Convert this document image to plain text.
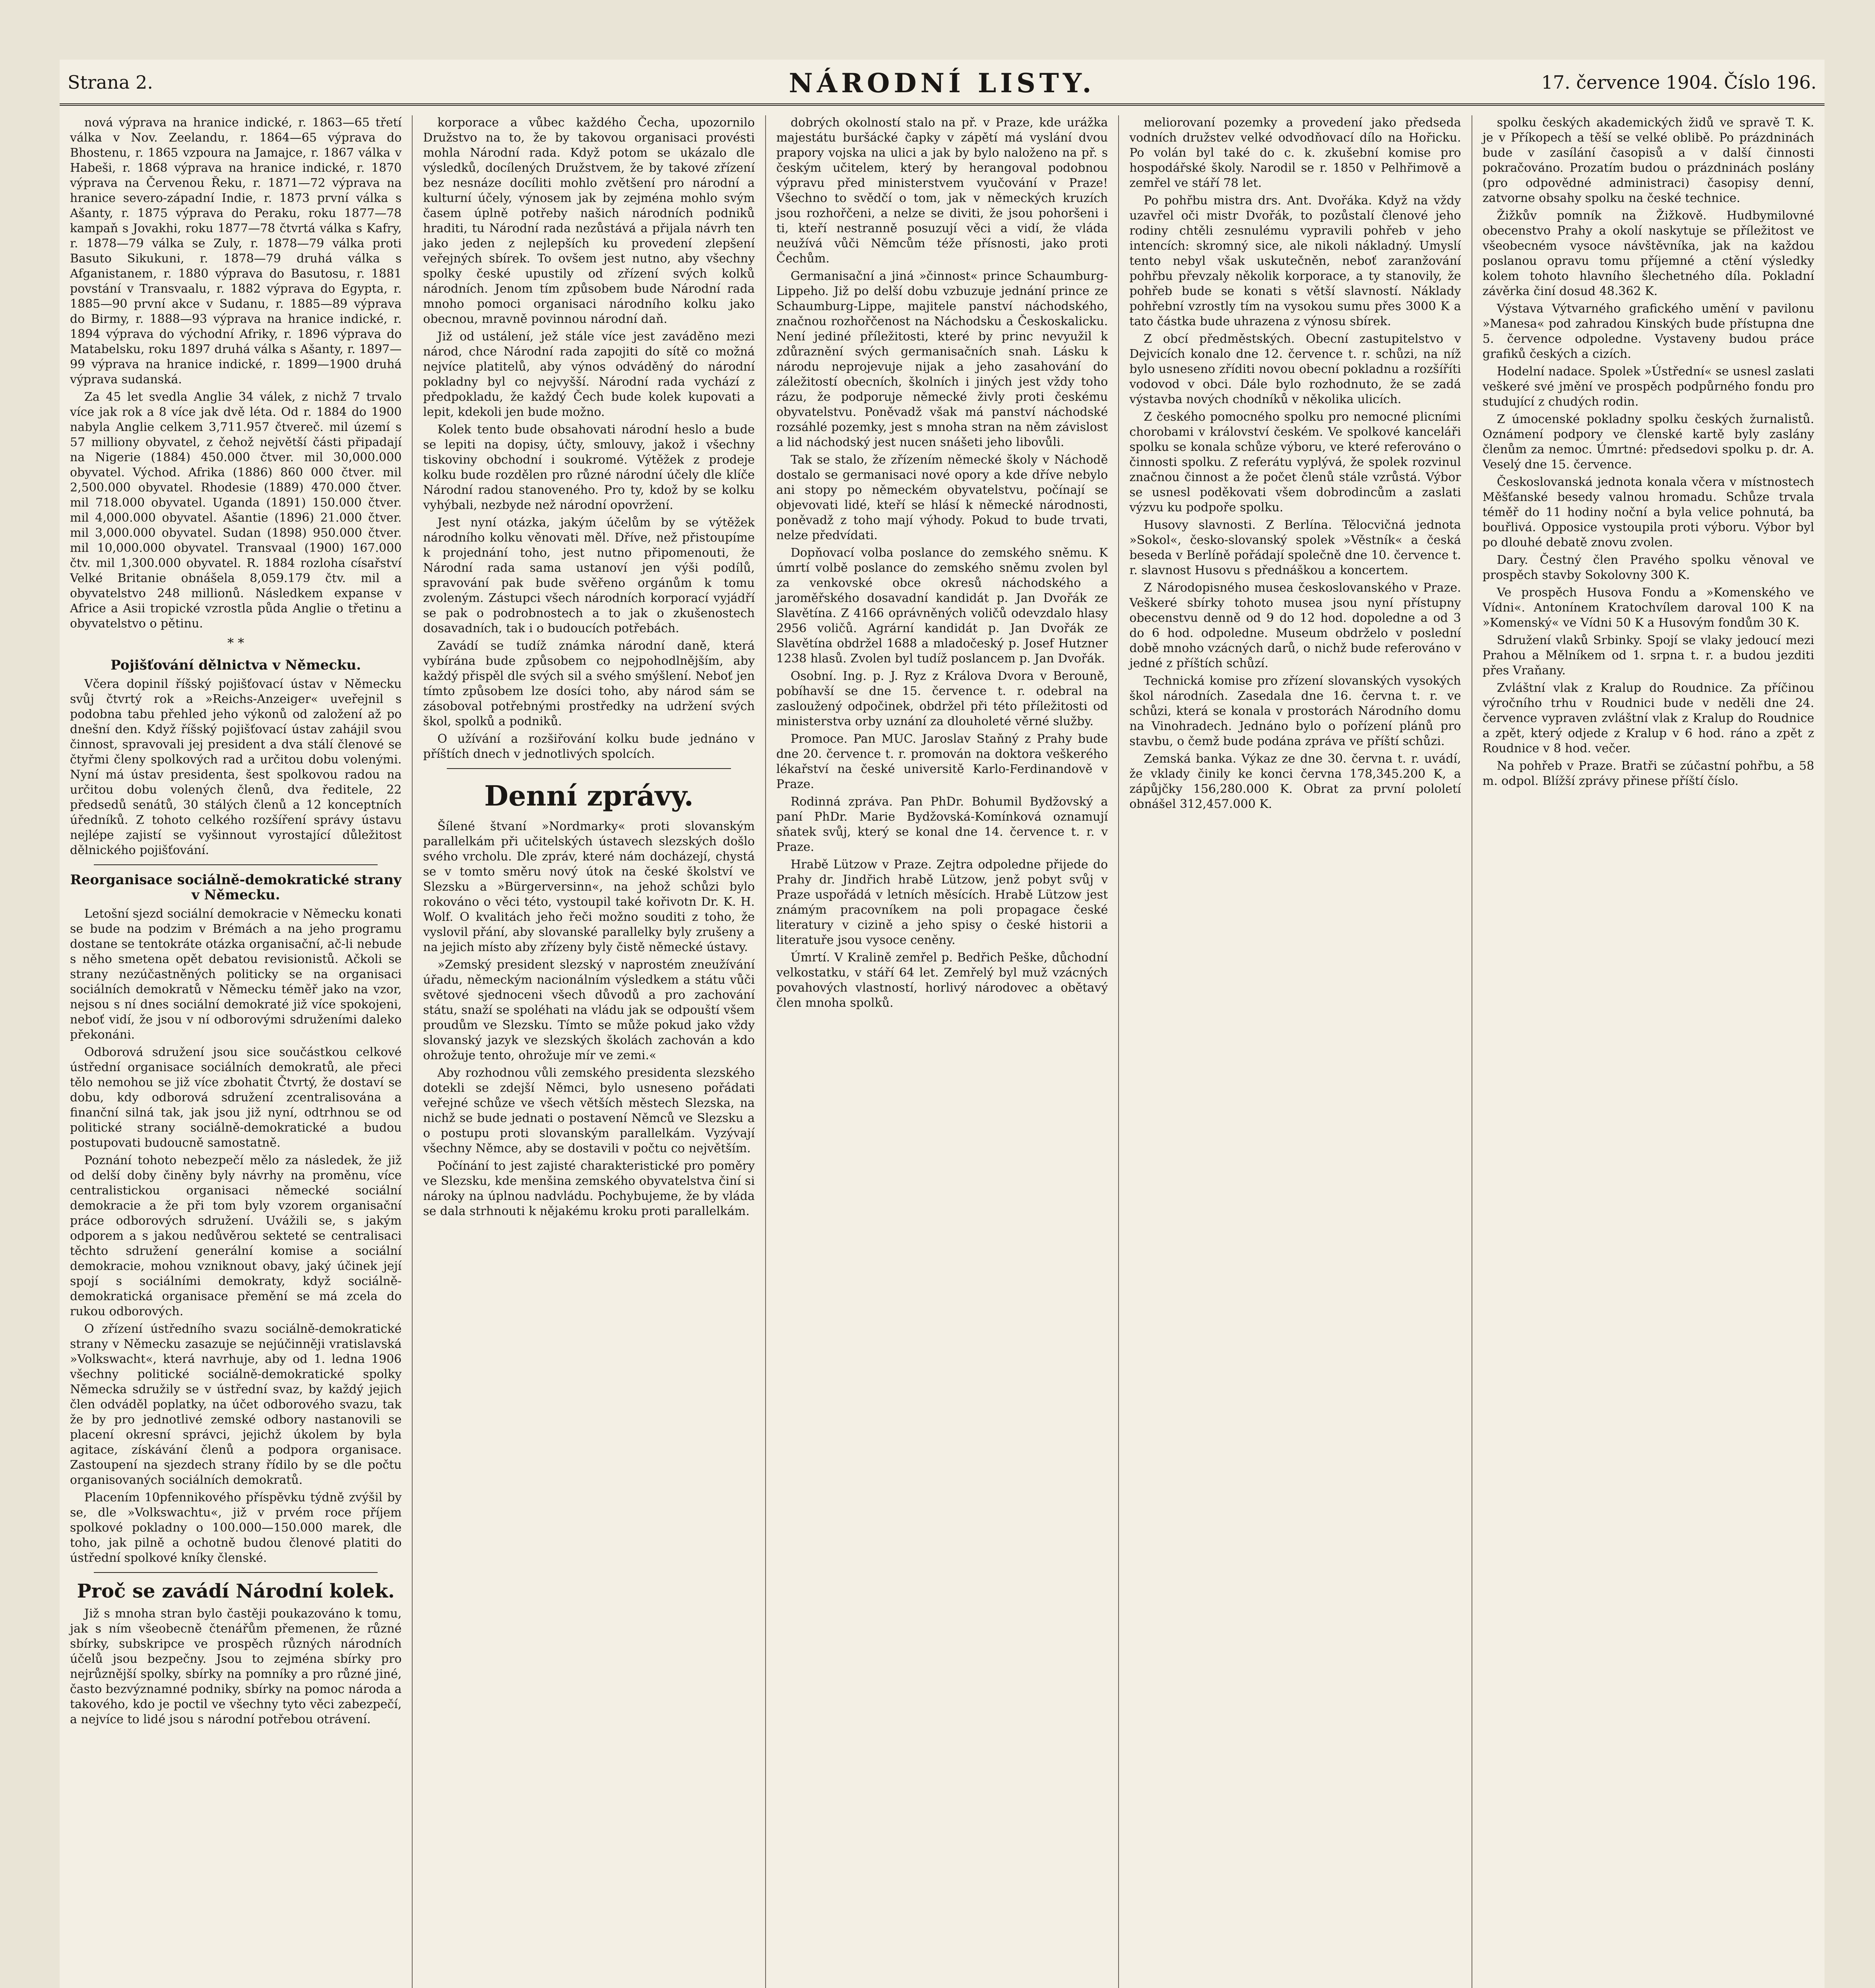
Strana 2.	NÁRODNÍ LISTY.	17. července 1904. Číslo 196.

nová výprava na hranice indické, r. 1863—65 třetí válka v Nov. Zeelandu, r. 1864—65 výprava do Bhostenu, r. 1865 vzpoura na Jamajce, r. 1867 válka v Habeši, r. 1868 výprava na hranice indické, r. 1870 výprava na Červenou Řeku, r. 1871—72 výprava na hranice severo-západní Indie, r. 1873 první válka s Ašanty, r. 1875 výprava do Peraku, roku 1877—78 kampaň s Jovakhi, roku 1877—78 čtvrtá válka s Kafry, r. 1878—79 válka se Zuly, r. 1878—79 válka proti Basuto Sikukuni, r. 1878—79 druhá válka s Afganistanem, r. 1880 výprava do Basutosu, r. 1881 povstání v Transvaalu, r. 1882 výprava do Egypta, r. 1885—90 první akce v Sudanu, r. 1885—89 výprava do Birmy, r. 1888—93 výprava na hranice indické, r. 1894 výprava do východní Afriky, r. 1896 výprava do Matabelsku, roku 1897 druhá válka s Ašanty, r. 1897—99 výprava na hranice indické, r. 1899—1900 druhá výprava sudanská.

Za 45 let svedla Anglie 34 válek, z nichž 7 trvalo více jak rok a 8 více jak dvě léta. Od r. 1884 do 1900 nabyla Anglie celkem 3,711.957 čtvereč. mil území s 57 milliony obyvatel, z čehož největší části připadají na Nigerie (1884) 450.000 čtver. mil 30,000.000 obyvatel. Východ. Afrika (1886) 860 000 čtver. mil 2,500.000 obyvatel. Rhodesie (1889) 470.000 čtver. mil 718.000 obyvatel. Uganda (1891) 150.000 čtver. mil 4,000.000 obyvatel. Ašantie (1896) 21.000 čtver. mil 3,000.000 obyvatel. Sudan (1898) 950.000 čtver. mil 10,000.000 obyvatel. Transvaal (1900) 167.000 čtv. mil 1,300.000 obyvatel. R. 1884 rozloha císařství Velké Britanie obnášela 8,059.179 čtv. mil a obyvatelstvo 248 millionů. Následkem expanse v Africe a Asii tropické vzrostla půda Anglie o třetinu a obyvatelstvo o pětinu.

* *
Pojišťování dělnictva v Německu.

Včera dopinil říšský pojišťovací ústav v Německu svůj čtvrtý rok a »Reichs-Anzeiger« uveřejnil s podobna tabu přehled jeho výkonů od založení až po dnešní den. Když říšský pojišťovací ústav zahájil svou činnost, spravovali jej president a dva stálí členové se čtyřmi členy spolkových rad a určitou dobu volenými. Nyní má ústav presidenta, šest spolkovou radou na určitou dobu volených členů, dva ředitele, 22 předsedů senátů, 30 stálých členů a 12 konceptních úředníků. Z tohoto celkého rozšíření správy ústavu nejlépe zajistí se vyšinnout vyrostající důležitost dělnického pojišťování.

Reorganisace sociálně-demokratické strany v Německu.

Letošní sjezd sociální demokracie v Německu konati se bude na podzim v Brémách a na jeho programu dostane se tentokráte otázka organisační, ač-li nebude s něho smetena opět debatou revisionistů. Ačkoli se strany nezúčastněných politicky se na organisaci sociálních demokratů v Německu téměř jako na vzor, nejsou s ní dnes sociální demokraté již více spokojeni, neboť vidí, že jsou v ní odborovými sdruženími daleko překonáni.

Odborová sdružení jsou sice součástkou celkové ústřední organisace sociálních demokratů, ale přeci tělo nemohou se již více zbohatit Čtvrtý, že dostaví se dobu, kdy odborová sdružení zcentralisována a finanční silná tak, jak jsou již nyní, odtrhnou se od politické strany sociálně-demokratické a budou postupovati budoucně samostatně.

Poznání tohoto nebezpečí mělo za následek, že již od delší doby činěny byly návrhy na proměnu, více centralistickou organisaci německé sociální demokracie a že při tom byly vzorem organisační práce odborových sdružení. Uvážili se, s jakým odporem a s jakou nedůvěrou sekteté se centralisaci těchto sdružení generální komise a sociální demokracie, mohou vzniknout obavy, jaký účinek její spojí s sociálními demokraty, když sociálně-demokratická organisace přemění se má zcela do rukou odborových.

O zřízení ústředního svazu sociálně-demokratické strany v Německu zasazuje se nejúčinněji vratislavská »Volkswacht«, která navrhuje, aby od 1. ledna 1906 všechny politické sociálně-demokratické spolky Německa sdružily se v ústřední svaz, by každý jejich člen odváděl poplatky, na účet odborového svazu, tak že by pro jednotlivé zemské odbory nastanovili se placení okresní správci, jejichž úkolem by byla agitace, získávání členů a podpora organisace. Zastoupení na sjezdech strany řídilo by se dle počtu organisovaných sociálních demokratů.

Placením 10pfennikového příspěvku týdně zvýšil by se, dle »Volkswachtu«, již v prvém roce příjem spolkové pokladny o 100.000—150.000 marek, dle toho, jak pilně a ochotně budou členové platiti do ústřední spolkové kníky členské.

Proč se zavádí Národní kolek.

Již s mnoha stran bylo častěji poukazováno k tomu, jak s ním všeobecně čtenářům přemenen, že různé sbírky, subskripce ve prospěch různých národních účelů jsou bezpečny. Jsou to zejména sbírky pro nejrůznější spolky, sbírky na pomníky a pro různé jiné, často bezvýznamné podniky, sbírky na pomoc národa a takového, kdo je poctil ve všechny tyto věci zabezpečí, a nejvíce to lidé jsou s národní potřebou otrávení.

korporace a vůbec každého Čecha, upozornilo Družstvo na to, že by takovou organisaci provésti mohla Národní rada. Když potom se ukázalo dle výsledků, docílených Družstvem, že by takové zřízení bez nesnáze docíliti mohlo zvětšení pro národní a kulturní účely, výnosem jak by zejména mohlo svým časem úplně potřeby našich národních podniků hraditi, tu Národní rada nezůstává a přijala návrh ten jako jeden z nejlepších ku provedení zlepšení veřejných sbírek. To ovšem jest nutno, aby všechny spolky české upustily od zřízení svých kolků národních. Jenom tím způsobem bude Národní rada mnoho pomoci organisaci národního kolku jako obecnou, mravně povinnou národní daň.

Již od ustálení, jež stále více jest zaváděno mezi národ, chce Národní rada zapojiti do sítě co možná nejvíce platitelů, aby výnos odváděný do národní pokladny byl co nejvyšší. Národní rada vychází z předpokladu, že každý Čech bude kolek kupovati a lepit, kdekoli jen bude možno.

Kolek tento bude obsahovati národní heslo a bude se lepiti na dopisy, účty, smlouvy, jakož i všechny tiskoviny obchodní i soukromé. Výtěžek z prodeje kolku bude rozdělen pro různé národní účely dle klíče Národní radou stanoveného. Pro ty, kdož by se kolku vyhýbali, nezbyde než národní opovržení.

Jest nyní otázka, jakým účelům by se výtěžek národního kolku věnovati měl. Dříve, než přistoupíme k projednání toho, jest nutno připomenouti, že Národní rada sama ustanoví jen výši podílů, spravování pak bude svěřeno orgánům k tomu zvoleným. Zástupci všech národních korporací vyjádří se pak o podrobnostech a to jak o zkušenostech dosavadních, tak i o budoucích potřebách.

Zavádí se tudíž známka národní daně, která vybírána bude způsobem co nejpohodlnějším, aby každý přispěl dle svých sil a svého smýšlení. Neboť jen tímto způsobem lze dosíci toho, aby národ sám se zásoboval potřebnými prostředky na udržení svých škol, spolků a podniků.

O užívání a rozšiřování kolku bude jednáno v příštích dnech v jednotlivých spolcích.

Denní zprávy.

Šílené štvaní »Nordmarky« proti slovanským parallelkám při učitelských ústavech slezských došlo svého vrcholu. Dle zpráv, které nám docházejí, chystá se v tomto směru nový útok na české školství ve Slezsku a »Bürgerversinn«, na jehož schůzi bylo rokováno o věci této, vystoupil také kořivotn Dr. K. H. Wolf. O kvalitách jeho řeči možno souditi z toho, že vyslovil přání, aby slovanské parallelky byly zrušeny a na jejich místo aby zřízeny byly čistě německé ústavy.

»Zemský president slezský v naprostém zneužívání úřadu, německým nacionálním výsledkem a státu vůči světové sjednoceni všech důvodů a pro zachování státu, snaží se spoléhati na vládu jak se odpouští všem proudům ve Slezsku. Tímto se může pokud jako vždy slovanský jazyk ve slezských školách zachován a kdo ohrožuje tento, ohrožuje mír ve zemi.«

Aby rozhodnou vůli zemského presidenta slezského dotekli se zdejší Němci, bylo usneseno pořádati veřejné schůze ve všech větších městech Slezska, na nichž se bude jednati o postavení Němců ve Slezsku a o postupu proti slovanským parallelkám. Vyzývají všechny Němce, aby se dostavili v počtu co největším.

Počínání to jest zajisté charakteristické pro poměry ve Slezsku, kde menšina zemského obyvatelstva činí si nároky na úplnou nadvládu. Pochybujeme, že by vláda se dala strhnouti k nějakému kroku proti parallelkám.

dobrých okolností stalo na př. v Praze, kde urážka majestátu buršácké čapky v zápětí má vyslání dvou prapory vojska na ulici a jak by bylo naloženo na př. s českým učitelem, který by herangoval podobnou výpravu před ministerstvem vyučování v Praze! Všechno to svědčí o tom, jak v německých kruzích jsou rozhořčeni, a nelze se diviti, že jsou pohoršeni i ti, kteří nestranně posuzují věci a vidí, že vláda neužívá vůči Němcům téže přísnosti, jako proti Čechům.

Germanisační a jiná »činnost« prince Schaumburg-Lippeho. Již po delší dobu vzbuzuje jednání prince ze Schaumburg-Lippe, majitele panství náchodského, značnou rozhořčenost na Náchodsku a Českoskalicku. Není jediné příležitosti, které by princ nevyužil k zdůraznění svých germanisačních snah. Lásku k národu neprojevuje nijak a jeho zasahování do záležitostí obecních, školních i jiných jest vždy toho rázu, že podporuje německé živly proti českému obyvatelstvu. Poněvadž však má panství náchodské rozsáhlé pozemky, jest s mnoha stran na něm závislost a lid náchodský jest nucen snášeti jeho libovůli.

Tak se stalo, že zřízením německé školy v Náchodě dostalo se germanisaci nové opory a kde dříve nebylo ani stopy po německém obyvatelstvu, počínají se objevovati lidé, kteří se hlásí k německé národnosti, poněvadž z toho mají výhody. Pokud to bude trvati, nelze předvídati.

Dopňovací volba poslance do zemského sněmu. K úmrtí volbě poslance do zemského sněmu zvolen byl za venkovské obce okresů náchodského a jaroměřského dosavadní kandidát p. Jan Dvořák ze Slavětína. Z 4166 oprávněných voličů odevzdalo hlasy 2956 voličů. Agrární kandidát p. Jan Dvořák ze Slavětína obdržel 1688 a mladočeský p. Josef Hutzner 1238 hlasů. Zvolen byl tudíž poslancem p. Jan Dvořák.

Osobní. Ing. p. J. Ryz z Králova Dvora v Berouně, pobíhavší se dne 15. července t. r. odebral na zasloužený odpočinek, obdržel při této příležitosti od ministerstva orby uznání za dlouholeté věrné služby.

Promoce. Pan MUC. Jaroslav Staňný z Prahy bude dne 20. července t. r. promován na doktora veškerého lékařství na české universitě Karlo-Ferdinandově v Praze.

Rodinná zpráva. Pan PhDr. Bohumil Bydžovský a paní PhDr. Marie Bydžovská-Komínková oznamují sňatek svůj, který se konal dne 14. července t. r. v Praze.

Hrabě Lützow v Praze. Zejtra odpoledne přijede do Prahy dr. Jindřich hrabě Lützow, jenž pobyt svůj v Praze uspořádá v letních měsících. Hrabě Lützow jest známým pracovníkem na poli propagace české literatury v cizině a jeho spisy o české historii a literatuře jsou vysoce ceněny.

Úmrtí. V Kralině zemřel p. Bedřich Peške, důchodní velkostatku, v stáří 64 let. Zemřelý byl muž vzácných povahových vlastností, horlivý národovec a obětavý člen mnoha spolků.

meliorovaní pozemky a provedení jako předseda vodních družstev velké odvodňovací dílo na Hořicku. Po volán byl také do c. k. zkušební komise pro hospodářské školy. Narodil se r. 1850 v Pelhřimově a zemřel ve stáří 78 let.

Po pohřbu mistra drs. Ant. Dvořáka. Když na vždy uzavřel oči mistr Dvořák, to pozůstalí členové jeho rodiny chtěli zesnulému vypravili pohřeb v jeho intencích: skromný sice, ale nikoli nákladný. Umyslí tento nebyl však uskutečněn, neboť zaranžování pohřbu převzaly několik korporace, a ty stanovily, že pohřeb bude se konati s větší slavností. Náklady pohřební vzrostly tím na vysokou sumu přes 3000 K a tato částka bude uhrazena z výnosu sbírek.

Z obcí předměstských. Obecní zastupitelstvo v Dejvicích konalo dne 12. července t. r. schůzi, na níž bylo usneseno zříditi novou obecní pokladnu a rozšíříti vodovod v obci. Dále bylo rozhodnuto, že se zadá výstavba nových chodníků v několika ulicích.

Z českého pomocného spolku pro nemocné plicními chorobami v království českém. Ve spolkové kanceláři spolku se konala schůze výboru, ve které referováno o činnosti spolku. Z referátu vyplývá, že spolek rozvinul značnou činnost a že počet členů stále vzrůstá. Výbor se usnesl poděkovati všem dobrodincům a zaslati výzvu ku podpoře spolku.

Husovy slavnosti. Z Berlína. Tělocvičná jednota »Sokol«, česko-slovanský spolek »Věstník« a česká beseda v Berlíně pořádají společně dne 10. července t. r. slavnost Husovu s přednáškou a koncertem.

Z Národopisného musea českoslovanského v Praze. Veškeré sbírky tohoto musea jsou nyní přístupny obecenstvu denně od 9 do 12 hod. dopoledne a od 3 do 6 hod. odpoledne. Museum obdrželo v poslední době mnoho vzácných darů, o nichž bude referováno v jedné z příštích schůzí.

Technická komise pro zřízení slovanských vysokých škol národních. Zasedala dne 16. června t. r. ve schůzi, která se konala v prostorách Národního domu na Vinohradech. Jednáno bylo o pořízení plánů pro stavbu, o čemž bude podána zpráva ve příští schůzi.

Zemská banka. Výkaz ze dne 30. června t. r. uvádí, že vklady činily ke konci června 178,345.200 K, a zápůjčky 156,280.000 K. Obrat za první pololetí obnášel 312,457.000 K.

spolku českých akademických židů ve spravě T. K. je v Příkopech a těší se velké oblibě. Po prázdninách bude v zasílání časopisů a v další činnosti pokračováno. Prozatím budou o prázdninách poslány (pro odpovědné administraci) časopisy denní, zatvorne obsahy spolku na české technice.

Žižkův pomník na Žižkově. Hudbymilovné obecenstvo Prahy a okolí naskytuje se příležitost ve všeobecném vysoce návštěvníka, jak na každou poslanou opravu tomu příjemné a ctění výsledky kolem tohoto hlavního šlechetného díla. Pokladní závěrka činí dosud 48.362 K.

Výstava Výtvarného grafického umění v pavilonu »Manesa« pod zahradou Kinských bude přístupna dne 5. července odpoledne. Vystaveny budou práce grafiků českých a cizích.

Hodelní nadace. Spolek »Ústřední« se usnesl zaslati veškeré své jmění ve prospěch podpůrného fondu pro studující z chudých rodin.

Z úmocenské pokladny spolku českých žurnalistů. Oznámení podpory ve členské kartě byly zaslány členům za nemoc. Úmrtné: předsedovi spolku p. dr. A. Veselý dne 15. července.

Českoslovanská jednota konala včera v místnostech Měšťanské besedy valnou hromadu. Schůze trvala téměř do 11 hodiny noční a byla velice pohnutá, ba bouřlivá. Opposice vystoupila proti výboru. Výbor byl po dlouhé debatě znovu zvolen.

Dary. Čestný člen Pravého spolku věnoval ve prospěch stavby Sokolovny 300 K.

Ve prospěch Husova Fondu a »Komenského ve Vídni«. Antonínem Kratochvílem daroval 100 K na »Komenský« ve Vídni 50 K a Husovým fondům 30 K.

Sdružení vlaků Srbinky. Spojí se vlaky jedoucí mezi Prahou a Mělníkem od 1. srpna t. r. a budou jezditi přes Vraňany.

Zvláštní vlak z Kralup do Roudnice. Za příčinou výročního trhu v Roudnici bude v neděli dne 24. července vypraven zvláštní vlak z Kralup do Roudnice a zpět, který odjede z Kralup v 6 hod. ráno a zpět z Roudnice v 8 hod. večer.

Na pohřeb v Praze. Bratři se zúčastní pohřbu, a 58 m. odpol. Blížší zprávy přinese příští číslo.
